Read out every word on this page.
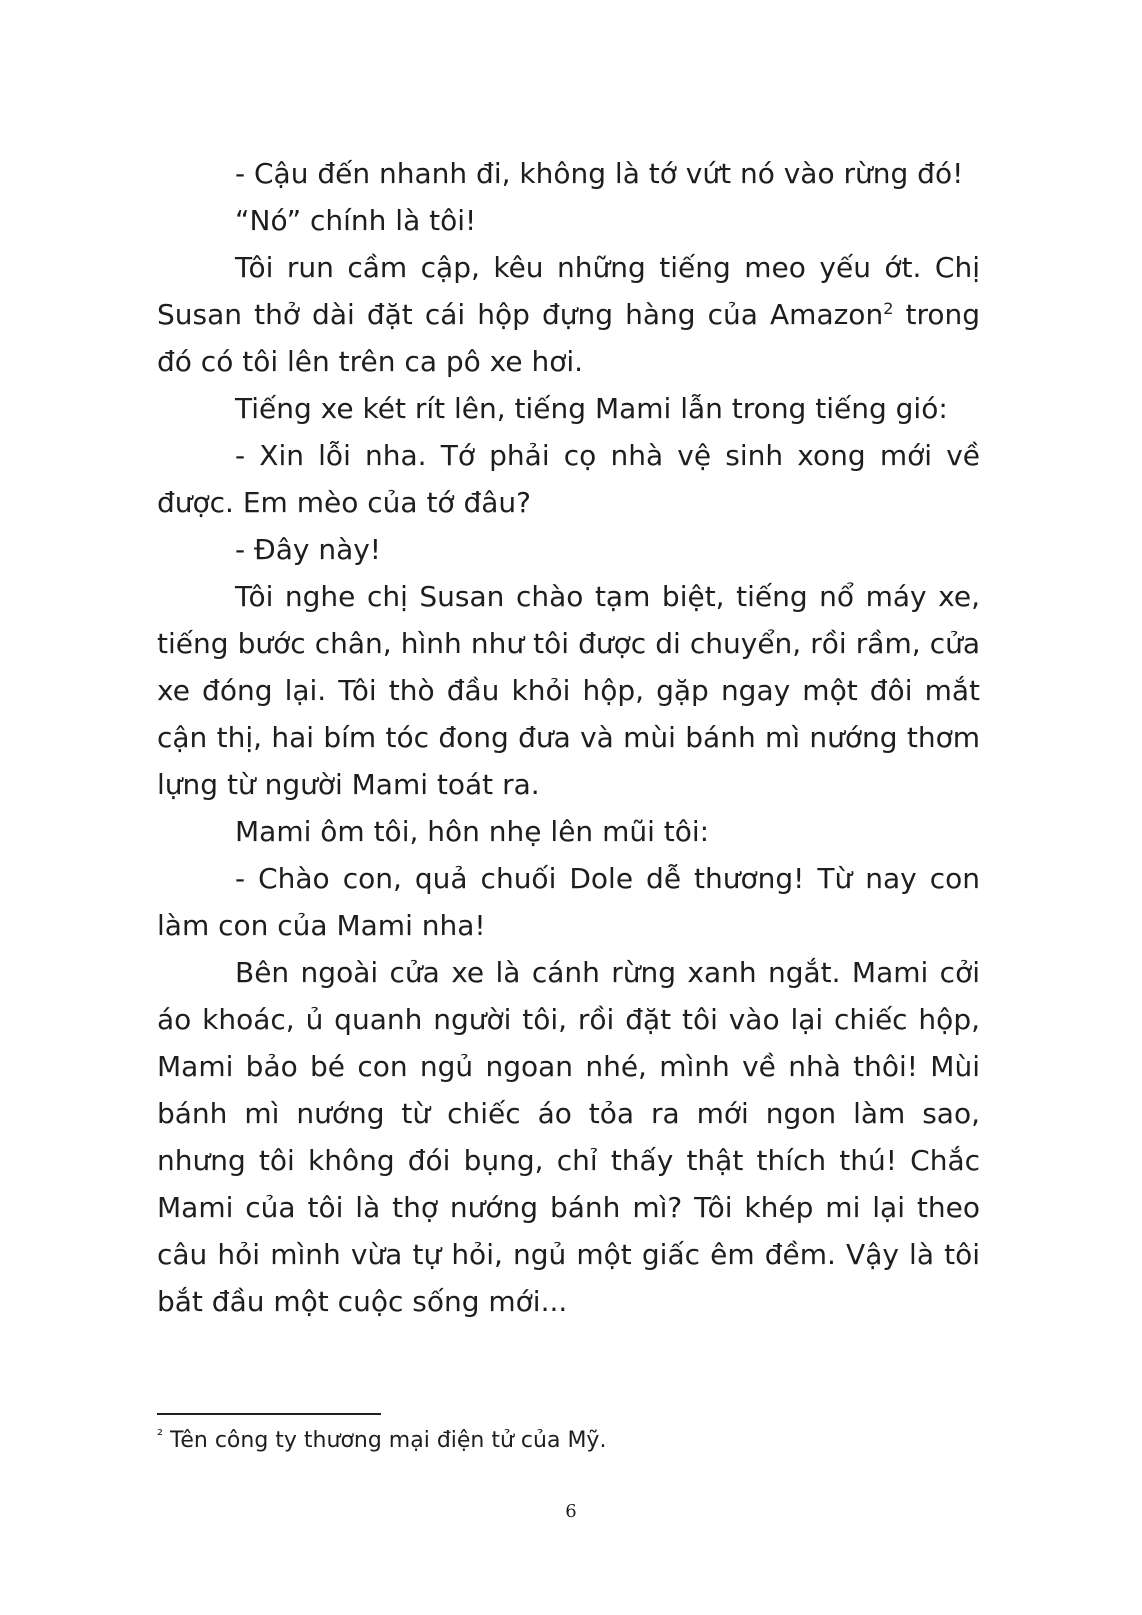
- Cậu đến nhanh đi, không là tớ vứt nó vào rừng đó!

“Nó” chính là tôi!

Tôi run cầm cập, kêu những tiếng meo yếu ớt. Chị Susan thở dài đặt cái hộp đựng hàng của Amazon$^2$ trong đó có tôi lên trên ca pô xe hơi.

Tiếng xe két rít lên, tiếng Mami lẫn trong tiếng gió:

- Xin lỗi nha. Tớ phải cọ nhà vệ sinh xong mới về được. Em mèo của tớ đâu?

- Đây này!

Tôi nghe chị Susan chào tạm biệt, tiếng nổ máy xe, tiếng bước chân, hình như tôi được di chuyển, rồi rầm, cửa xe đóng lại. Tôi thò đầu khỏi hộp, gặp ngay một đôi mắt cận thị, hai bím tóc đong đưa và mùi bánh mì nướng thơm lựng từ người Mami toát ra.

Mami ôm tôi, hôn nhẹ lên mũi tôi:

- Chào con, quả chuối Dole dễ thương! Từ nay con làm con của Mami nha!

Bên ngoài cửa xe là cánh rừng xanh ngắt. Mami cởi áo khoác, ủ quanh người tôi, rồi đặt tôi vào lại chiếc hộp, Mami bảo bé con ngủ ngoan nhé, mình về nhà thôi! Mùi bánh mì nướng từ chiếc áo tỏa ra mới ngon làm sao, nhưng tôi không đói bụng, chỉ thấy thật thích thú! Chắc Mami của tôi là thợ nướng bánh mì? Tôi khép mi lại theo câu hỏi mình vừa tự hỏi, ngủ một giấc êm đềm. Vậy là tôi bắt đầu một cuộc sống mới...

$^{^2}$ Tên công ty thương mại điện tử của Mỹ.
6
